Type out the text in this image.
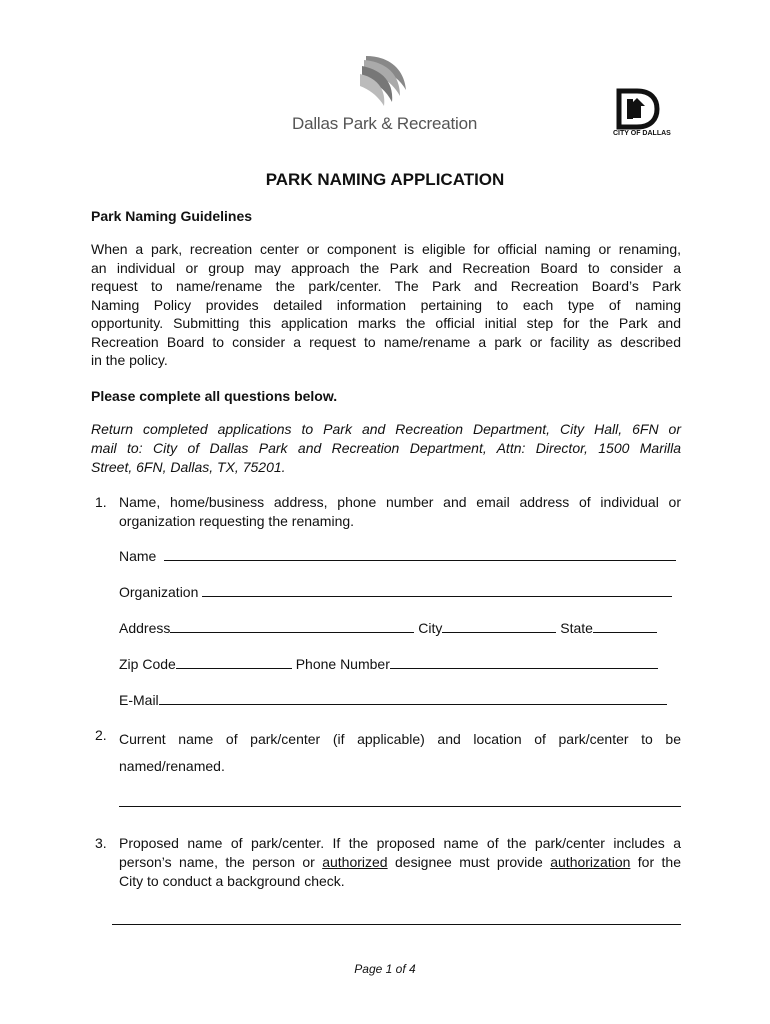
Dallas Park & Recreation
CITY OF DALLAS
PARK NAMING APPLICATION
Park Naming Guidelines
When a park, recreation center or component is eligible for official naming or renaming,
an individual or group may approach the Park and Recreation Board to consider a
request to name/rename the park/center. The Park and Recreation Board’s Park
Naming Policy provides detailed information pertaining to each type of naming
opportunity. Submitting this application marks the official initial step for the Park and
Recreation Board to consider a request to name/rename a park or facility as described
in the policy.
Please complete all questions below.
Return completed applications to Park and Recreation Department, City Hall, 6FN or
mail to: City of Dallas Park and Recreation Department, Attn: Director, 1500 Marilla
Street, 6FN, Dallas, TX, 75201.
1. Name, home/business address, phone number and email address of individual or
organization requesting the renaming.
Name
Organization
Address	City	State
Zip Code	Phone Number
E-Mail
2. Current name of park/center (if applicable) and location of park/center to be
named/renamed.
3. Proposed name of park/center. If the proposed name of the park/center includes a
person’s name, the person or authorized designee must provide authorization for the
City to conduct a background check.
Page 1 of 4
